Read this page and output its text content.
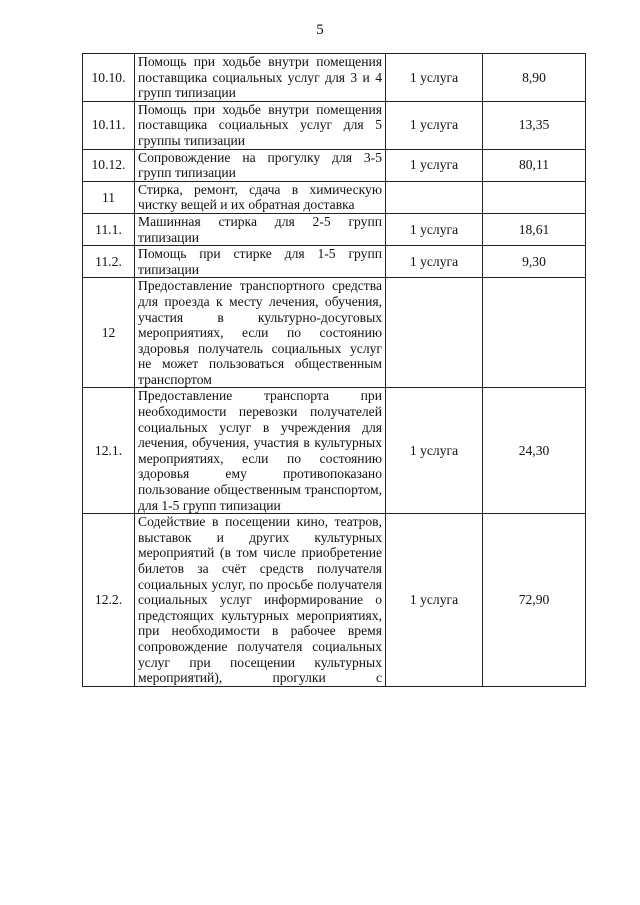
5
10.10.	Помощь при ходьбе внутри помещения поставщика социальных услуг для 3 и 4 групп типизации	1 услуга	8,90
10.11.	Помощь при ходьбе внутри помещения поставщика социальных услуг для 5 группы типизации	1 услуга	13,35
10.12.	Сопровождение на прогулку для 3-5 групп типизации	1 услуга	80,11
11	Стирка, ремонт, сдача в химическую чистку вещей и их обратная доставка		
11.1.	Машинная стирка для 2-5 групп типизации	1 услуга	18,61
11.2.	Помощь при стирке для 1-5 групп типизации	1 услуга	9,30
12	Предоставление транспортного средства для проезда к месту лечения, обучения, участия в культурно-досуговых мероприятиях, если по состоянию здоровья получатель социальных услуг не может пользоваться общественным транспортом		
12.1.	Предоставление транспорта при необходимости перевозки получателей социальных услуг в учреждения для лечения, обучения, участия в культурных мероприятиях, если по состоянию здоровья ему противопоказано пользование общественным транспортом, для 1-5 групп типизации	1 услуга	24,30
12.2.	Содействие в посещении кино, театров, выставок и других культурных мероприятий (в том числе приобретение билетов за счёт средств получателя социальных услуг, по просьбе получателя социальных услуг информирование о предстоящих культурных мероприятиях, при необходимости в рабочее время сопровождение получателя социальных услуг при посещении культурных мероприятий), прогулки с	1 услуга	72,90
